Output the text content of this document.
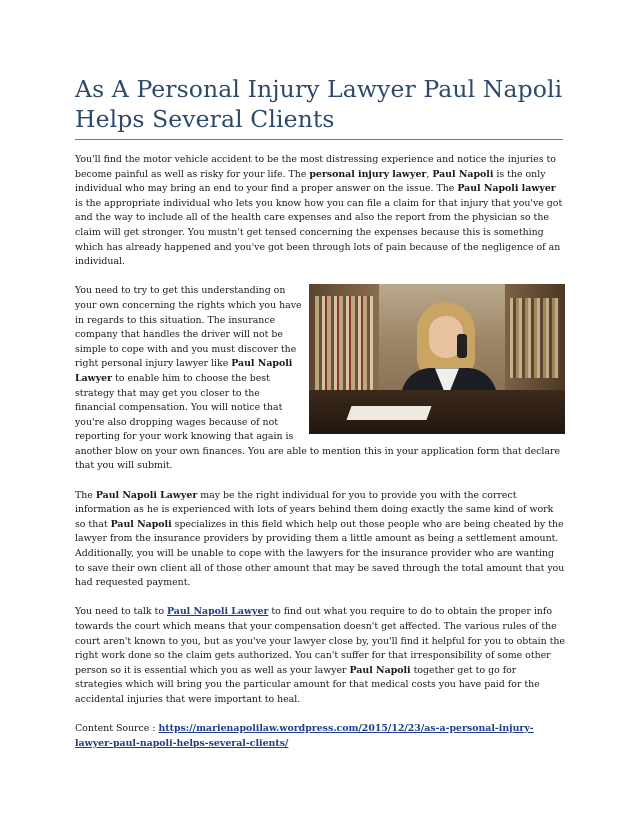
As A Personal Injury Lawyer Paul Napoli Helps Several Clients

You'll find the motor vehicle accident to be the most distressing experience and notice the injuries to become painful as well as risky for your life. The personal injury lawyer, Paul Napoli is the only individual who may bring an end to your find a proper answer on the issue. The Paul Napoli lawyer is the appropriate individual who lets you know how you can file a claim for that injury that you've got and the way to include all of the health care expenses and also the report from the physician so the claim will get stronger. You mustn't get tensed concerning the expenses because this is something which has already happened and you've got been through lots of pain because of the negligence of an individual.

You need to try to get this understanding on your own concerning the rights which you have in regards to this situation. The insurance company that handles the driver will not be simple to cope with and you must discover the right personal injury lawyer like Paul Napoli Lawyer to enable him to choose the best strategy that may get you closer to the financial compensation. You will notice that you're also dropping wages because of not reporting for your work knowing that again is another blow on your own finances. You are able to mention this in your application form that declare that you will submit.

The Paul Napoli Lawyer may be the right individual for you to provide you with the correct information as he is experienced with lots of years behind them doing exactly the same kind of work so that Paul Napoli specializes in this field which help out those people who are being cheated by the lawyer from the insurance providers by providing them a little amount as being a settlement amount. Additionally, you will be unable to cope with the lawyers for the insurance provider who are wanting to save their own client all of those other amount that may be saved through the total amount that you had requested payment.

You need to talk to Paul Napoli Lawyer to find out what you require to do to obtain the proper info towards the court which means that your compensation doesn't get affected. The various rules of the court aren't known to you, but as you've your lawyer close by, you'll find it helpful for you to obtain the right work done so the claim gets authorized. You can't suffer for that irresponsibility of some other person so it is essential which you as well as your lawyer Paul Napoli together get to go for strategies which will bring you the particular amount for that medical costs you have paid for the accidental injuries that were important to heal.

Content Source : https://marienapolilaw.wordpress.com/2015/12/23/as-a-personal-injury-lawyer-paul-napoli-helps-several-clients/
